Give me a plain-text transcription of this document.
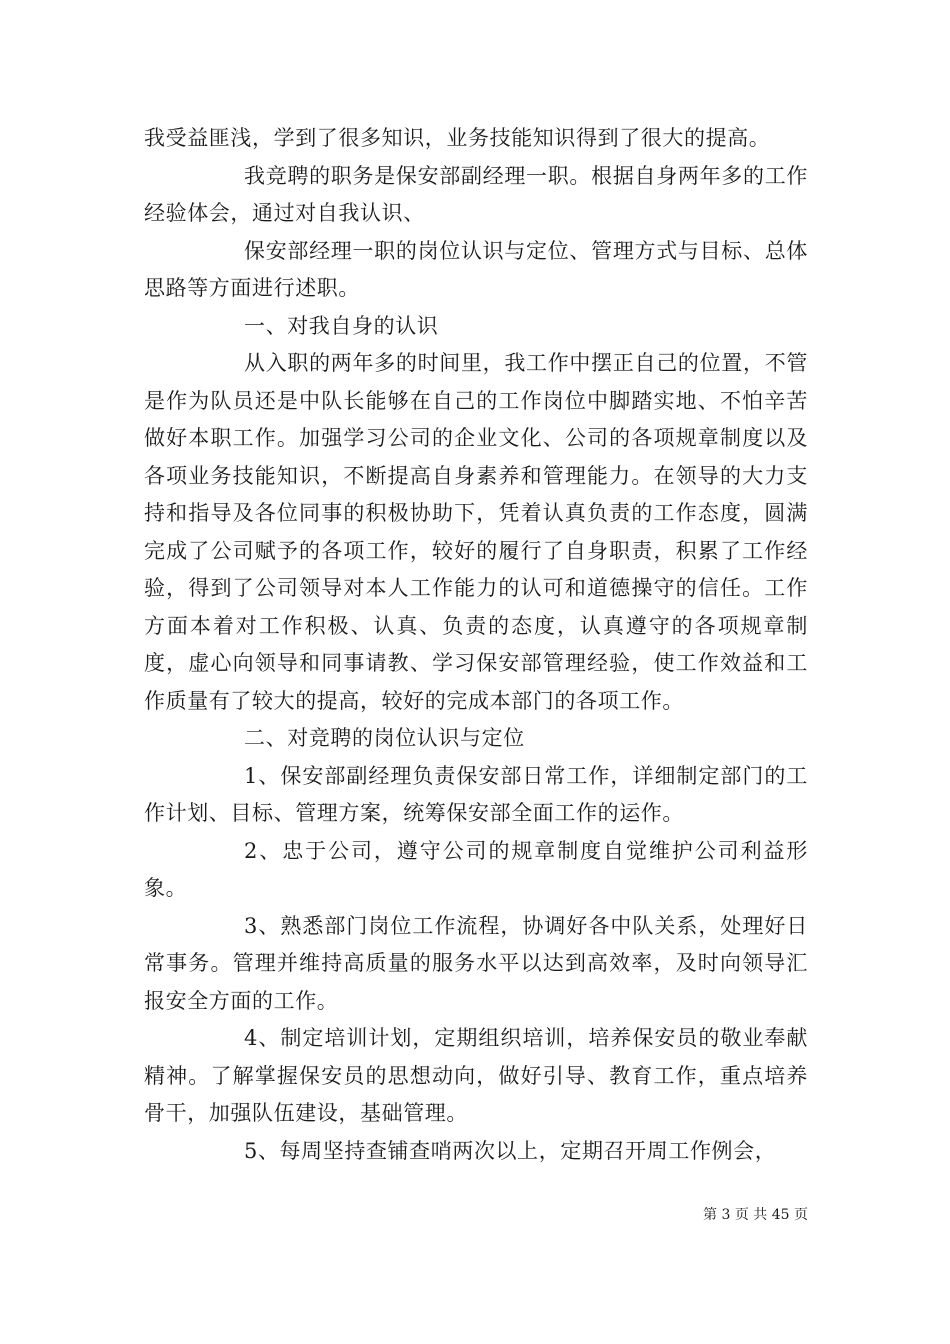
我受益匪浅，学到了很多知识，业务技能知识得到了很大的提高。

我竞聘的职务是保安部副经理一职。根据自身两年多的工作经验体会，通过对自我认识、

保安部经理一职的岗位认识与定位、管理方式与目标、总体思路等方面进行述职。

一、对我自身的认识

从入职的两年多的时间里，我工作中摆正自己的位置，不管是作为队员还是中队长能够在自己的工作岗位中脚踏实地、不怕辛苦做好本职工作。加强学习公司的企业文化、公司的各项规章制度以及各项业务技能知识，不断提高自身素养和管理能力。在领导的大力支持和指导及各位同事的积极协助下，凭着认真负责的工作态度，圆满完成了公司赋予的各项工作，较好的履行了自身职责，积累了工作经验，得到了公司领导对本人工作能力的认可和道德操守的信任。工作方面本着对工作积极、认真、负责的态度，认真遵守的各项规章制度，虚心向领导和同事请教、学习保安部管理经验，使工作效益和工作质量有了较大的提高，较好的完成本部门的各项工作。

二、对竞聘的岗位认识与定位

1、保安部副经理负责保安部日常工作，详细制定部门的工作计划、目标、管理方案，统筹保安部全面工作的运作。

2、忠于公司，遵守公司的规章制度自觉维护公司利益形象。

3、熟悉部门岗位工作流程，协调好各中队关系，处理好日常事务。管理并维持高质量的服务水平以达到高效率，及时向领导汇报安全方面的工作。

4、制定培训计划，定期组织培训，培养保安员的敬业奉献精神。了解掌握保安员的思想动向，做好引导、教育工作，重点培养骨干，加强队伍建设，基础管理。

5、每周坚持查铺查哨两次以上，定期召开周工作例会，

第 3 页 共 45 页
